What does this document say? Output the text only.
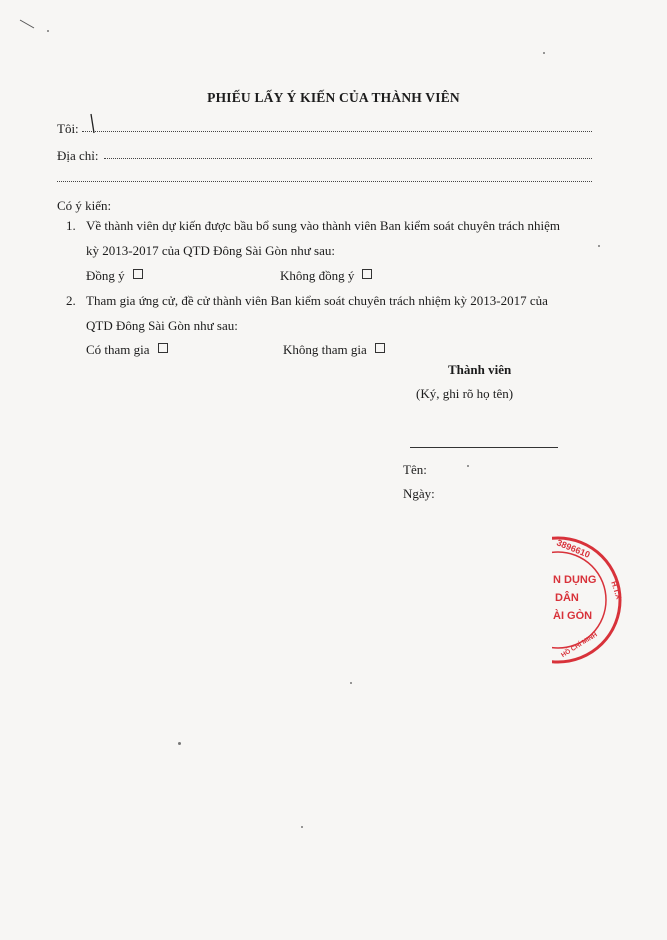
PHIẾU LẤY Ý KIẾN CỦA THÀNH VIÊN
Tôi:
Địa chỉ:
Có ý kiến:
1. Về thành viên dự kiến được bầu bổ sung vào thành viên Ban kiểm soát chuyên trách nhiệm
kỳ 2013-2017 của QTD Đông Sài Gòn như sau:
Đồng ý	Không đồng ý
2. Tham gia ứng cử, đề cử thành viên Ban kiểm soát chuyên trách nhiệm kỳ 2013-2017 của
QTD Đông Sài Gòn như sau:
Có tham gia	Không tham gia
Thành viên
(Ký, ghi rõ họ tên)
Tên:
Ngày:
3896610
H.T.X
N DỤNG
DÂN
ÀI GÒN
HỒ CHÍ MINH
